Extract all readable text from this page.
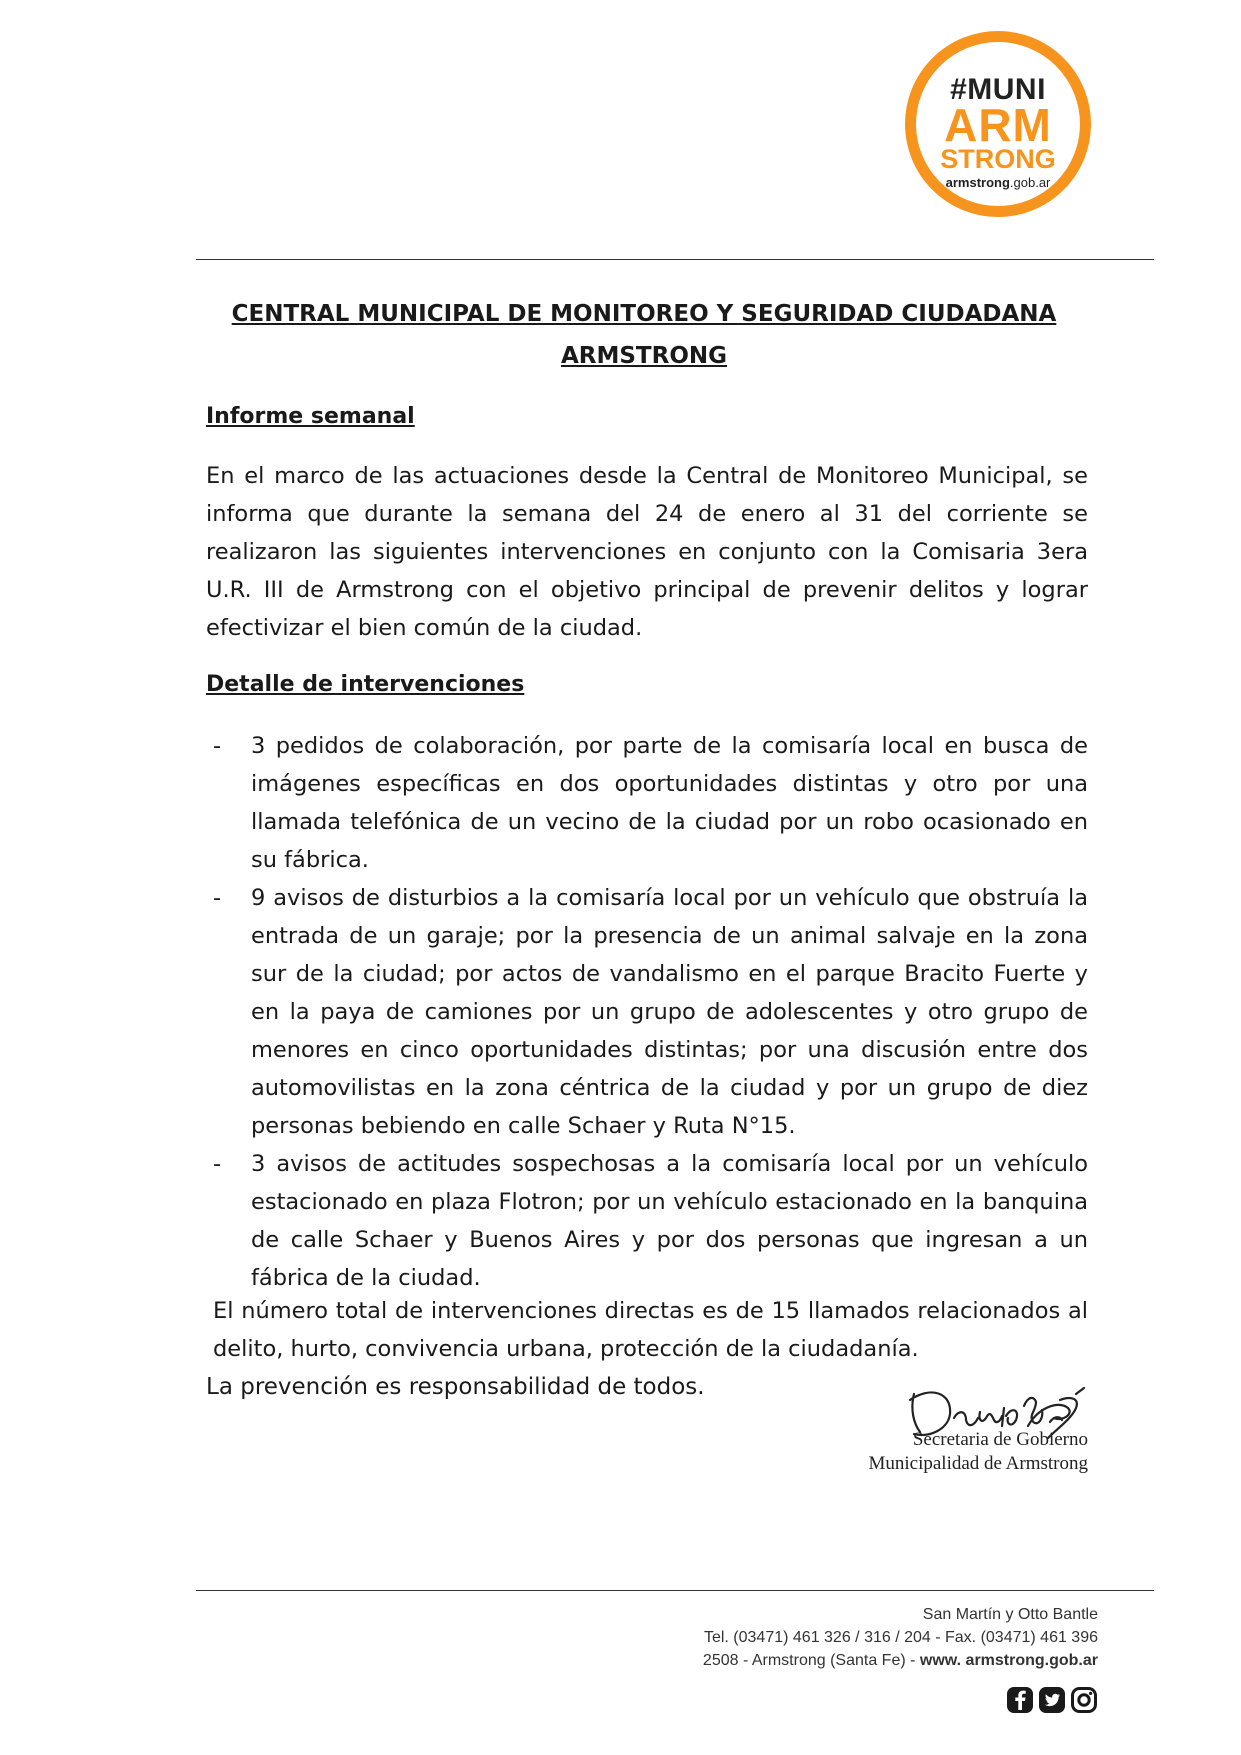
#MUNI
ARM
STRONG
armstrong.gob.ar
CENTRAL MUNICIPAL DE MONITOREO Y SEGURIDAD CIUDADANA
ARMSTRONG
Informe semanal

En el marco de las actuaciones desde la Central de Monitoreo Municipal, se informa que durante la semana del 24 de enero al 31 del corriente se realizaron las siguientes intervenciones en conjunto con la Comisaria 3era U.R. III de Armstrong con el objetivo principal de prevenir delitos y lograr efectivizar el bien común de la ciudad.

Detalle de intervenciones
- 3 pedidos de colaboración, por parte de la comisaría local en busca de imágenes específicas en dos oportunidades distintas y otro por una llamada telefónica de un vecino de la ciudad por un robo ocasionado en su fábrica.
- 9 avisos de disturbios a la comisaría local por un vehículo que obstruía la entrada de un garaje; por la presencia de un animal salvaje en la zona sur de la ciudad; por actos de vandalismo en el parque Bracito Fuerte y en la paya de camiones por un grupo de adolescentes y otro grupo de menores en cinco oportunidades distintas; por una discusión entre dos automovilistas en la zona céntrica de la ciudad y por un grupo de diez personas bebiendo en calle Schaer y Ruta N°15.
- 3 avisos de actitudes sospechosas a la comisaría local por un vehículo estacionado en plaza Flotron; por un vehículo estacionado en la banquina de calle Schaer y Buenos Aires y por dos personas que ingresan a un fábrica de la ciudad.

El número total de intervenciones directas es de 15 llamados relacionados al

delito, hurto, convivencia urbana, protección de la ciudadanía.

La prevención es responsabilidad de todos.

Secretaria de Gobierno
Municipalidad de Armstrong
San Martín y Otto Bantle
Tel. (03471) 461 326 / 316 / 204 - Fax. (03471) 461 396
2508 - Armstrong (Santa Fe) - www. armstrong.gob.ar
